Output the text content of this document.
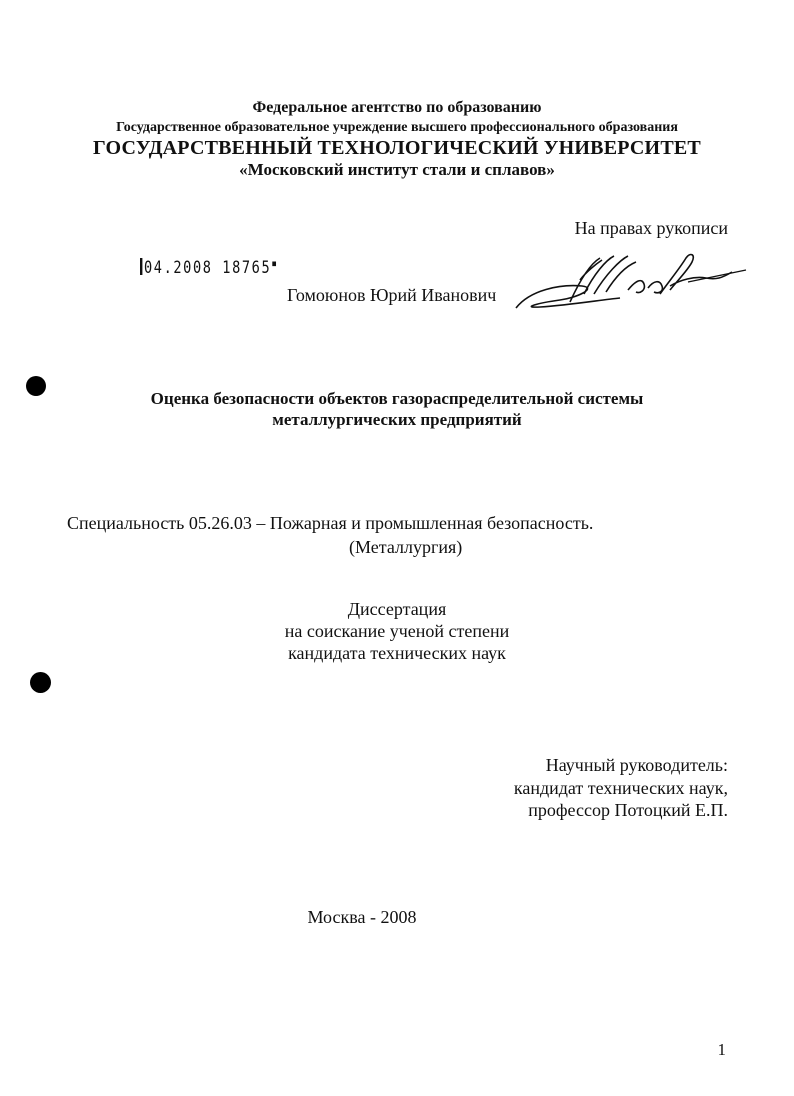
Федеральное агентство по образованию
Государственное образовательное учреждение высшего профессионального образования
ГОСУДАРСТВЕННЫЙ ТЕХНОЛОГИЧЕСКИЙ УНИВЕРСИТЕТ
«Московский институт стали и сплавов»
На правах рукописи
04.2008 18765▪
Гомоюнов Юрий Иванович
Оценка безопасности объектов газораспределительной системы
металлургических предприятий
Специальность 05.26.03 – Пожарная и промышленная безопасность.
(Металлургия)
Диссертация
на соискание ученой степени
кандидата технических наук
Научный руководитель:
кандидат технических наук,
профессор Потоцкий Е.П.
Москва - 2008
1
